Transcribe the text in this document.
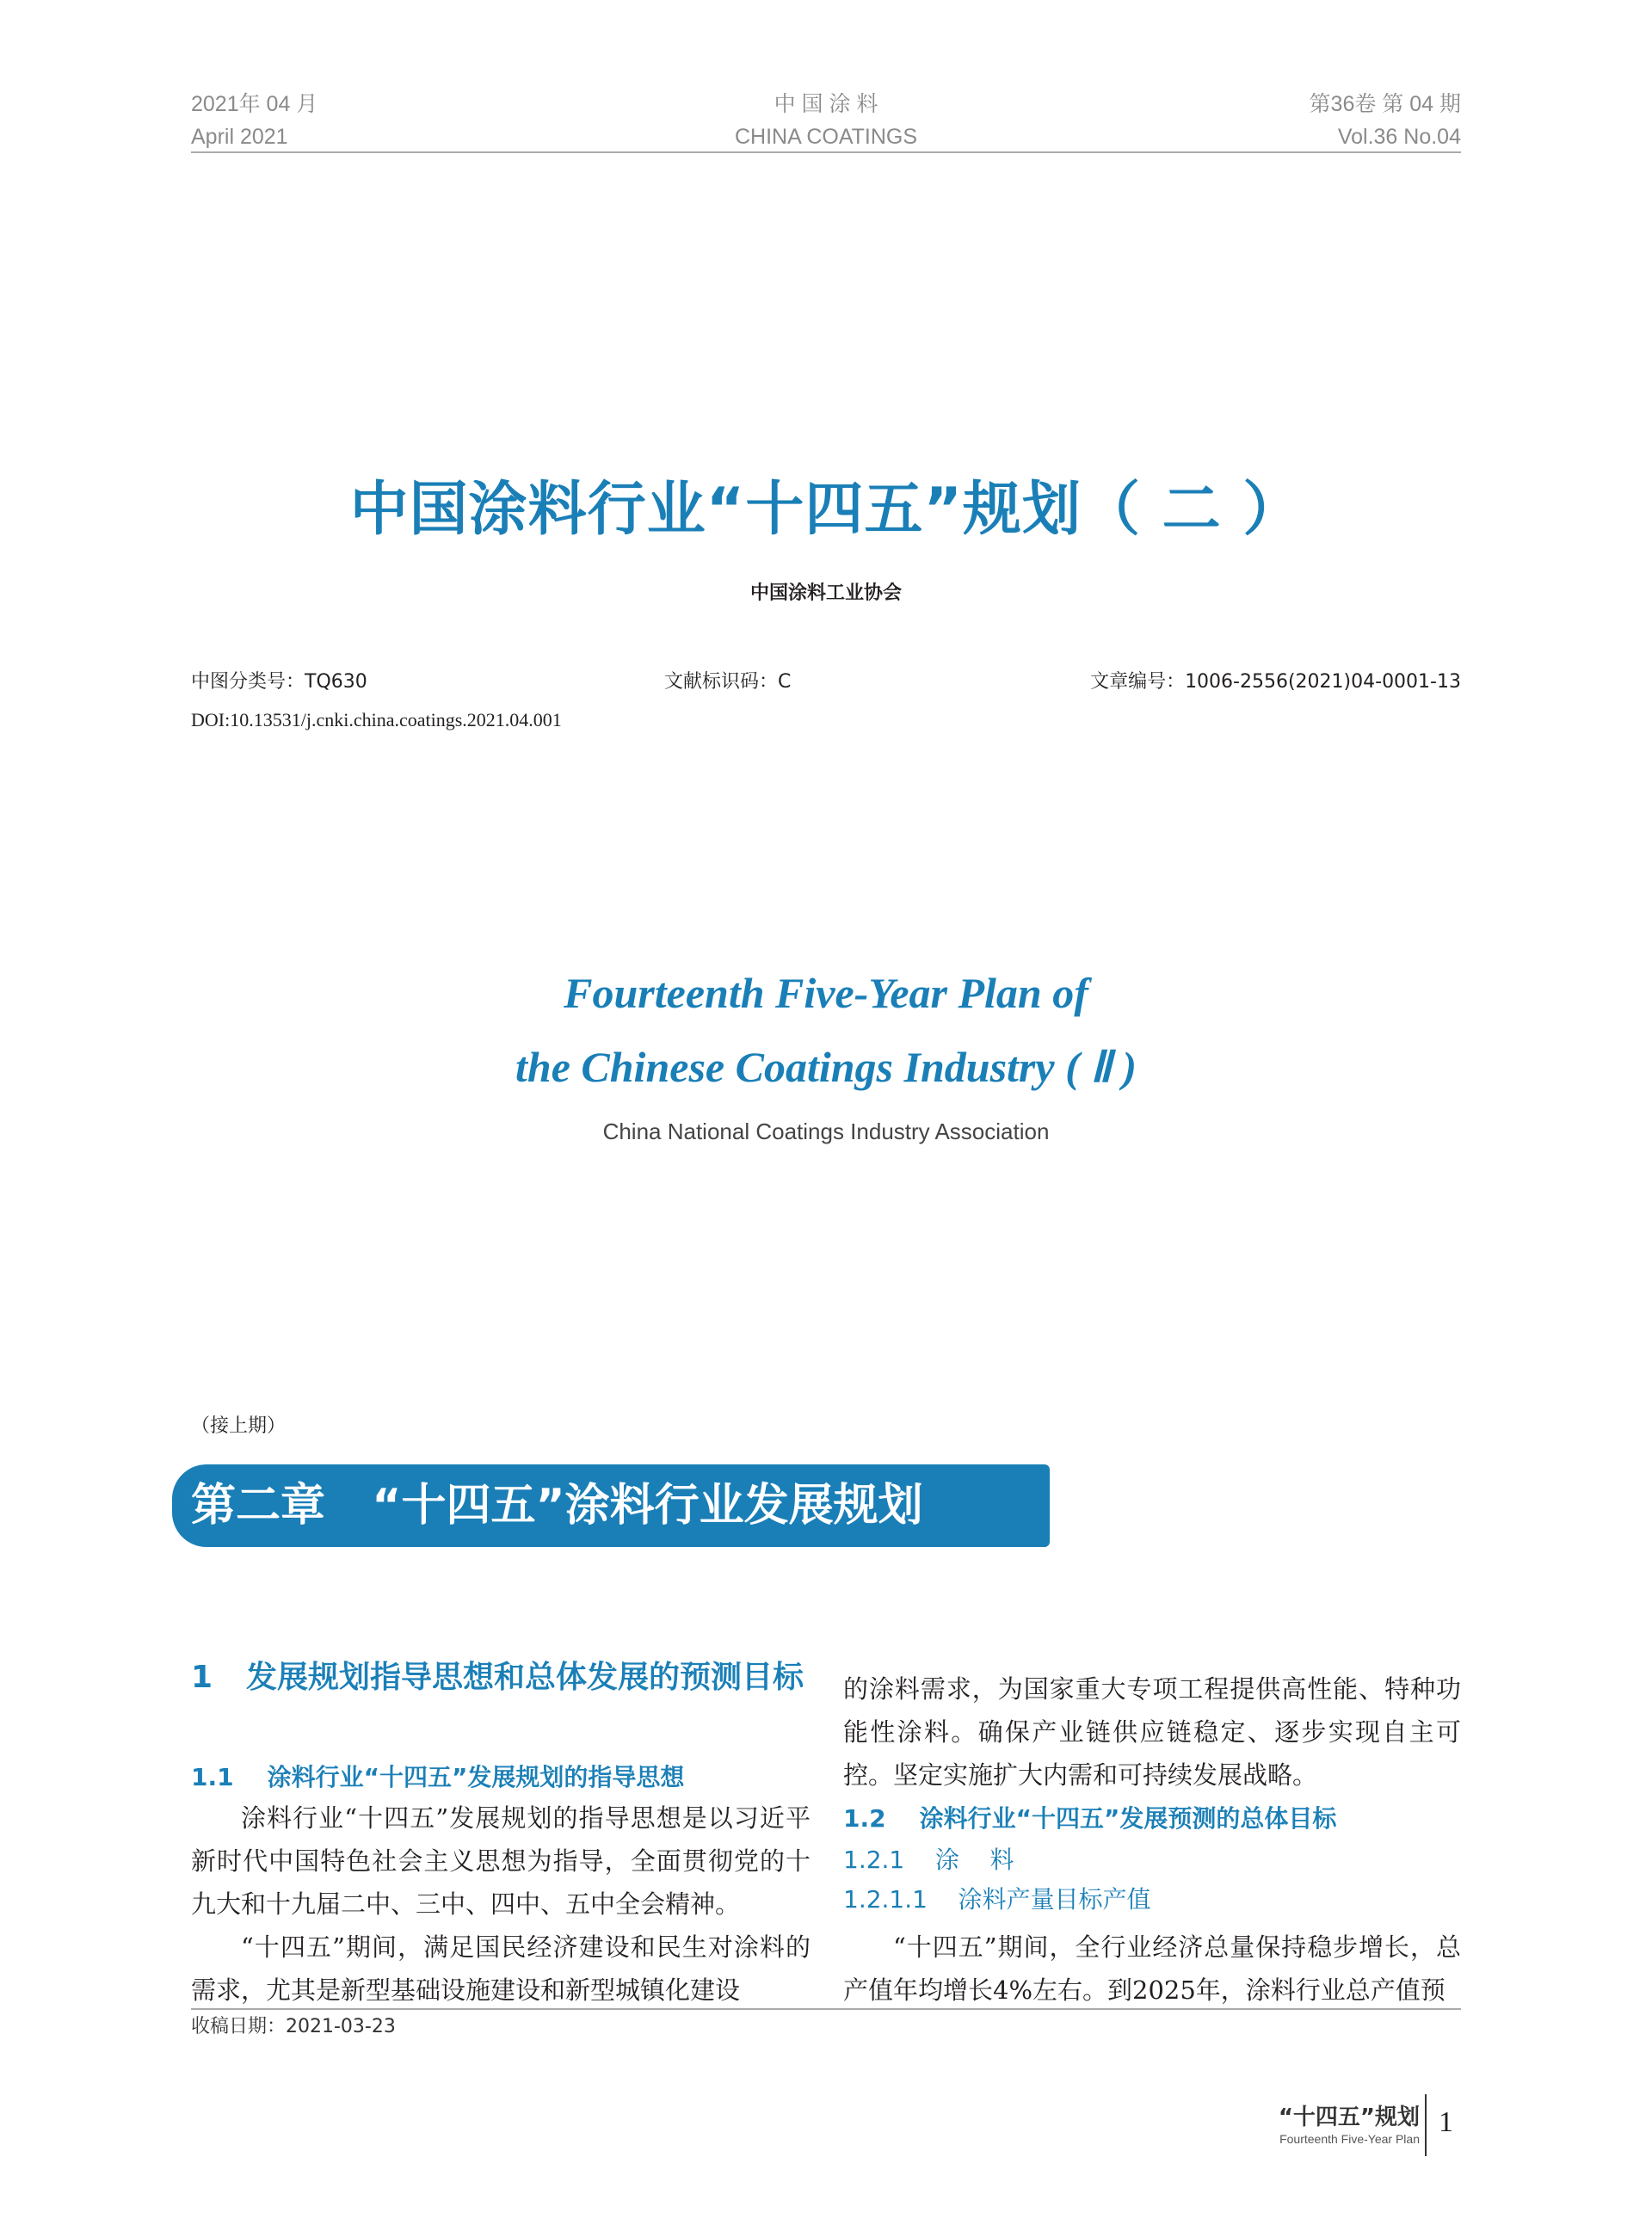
2021年 04 月
April 2021
中 国 涂 料
CHINA COATINGS
第36卷 第 04 期
Vol.36 No.04
中国涂料行业“十四五”规划（ 二 ）
中国涂料工业协会
中图分类号：TQ630	文献标识码：C	文章编号：1006-2556(2021)04-0001-13
DOI:10.13531/j.cnki.china.coatings.2021.04.001
Fourteenth Five-Year Plan of
the Chinese Coatings Industry ( Ⅱ )
China National Coatings Industry Association
（接上期）
第二章   “十四五”涂料行业发展规划
1 发展规划指导思想和总体发展的预测目标
1.1    涂料行业“十四五”发展规划的指导思想
涂料行业“十四五”发展规划的指导思想是以习近平新时代中国特色社会主义思想为指导，全面贯彻党的十九大和十九届二中、三中、四中、五中全会精神。
“十四五”期间，满足国民经济建设和民生对涂料的需求，尤其是新型基础设施建设和新型城镇化建设
的涂料需求，为国家重大专项工程提供高性能、特种功能性涂料。确保产业链供应链稳定、逐步实现自主可控。坚定实施扩大内需和可持续发展战略。
1.2    涂料行业“十四五”发展预测的总体目标
1.2.1    涂    料
1.2.1.1    涂料产量目标产值
“十四五”期间，全行业经济总量保持稳步增长，总产值年均增长4%左右。到2025年，涂料行业总产值预
收稿日期：2021-03-23
“十四五”规划
Fourteenth Five-Year Plan
1
